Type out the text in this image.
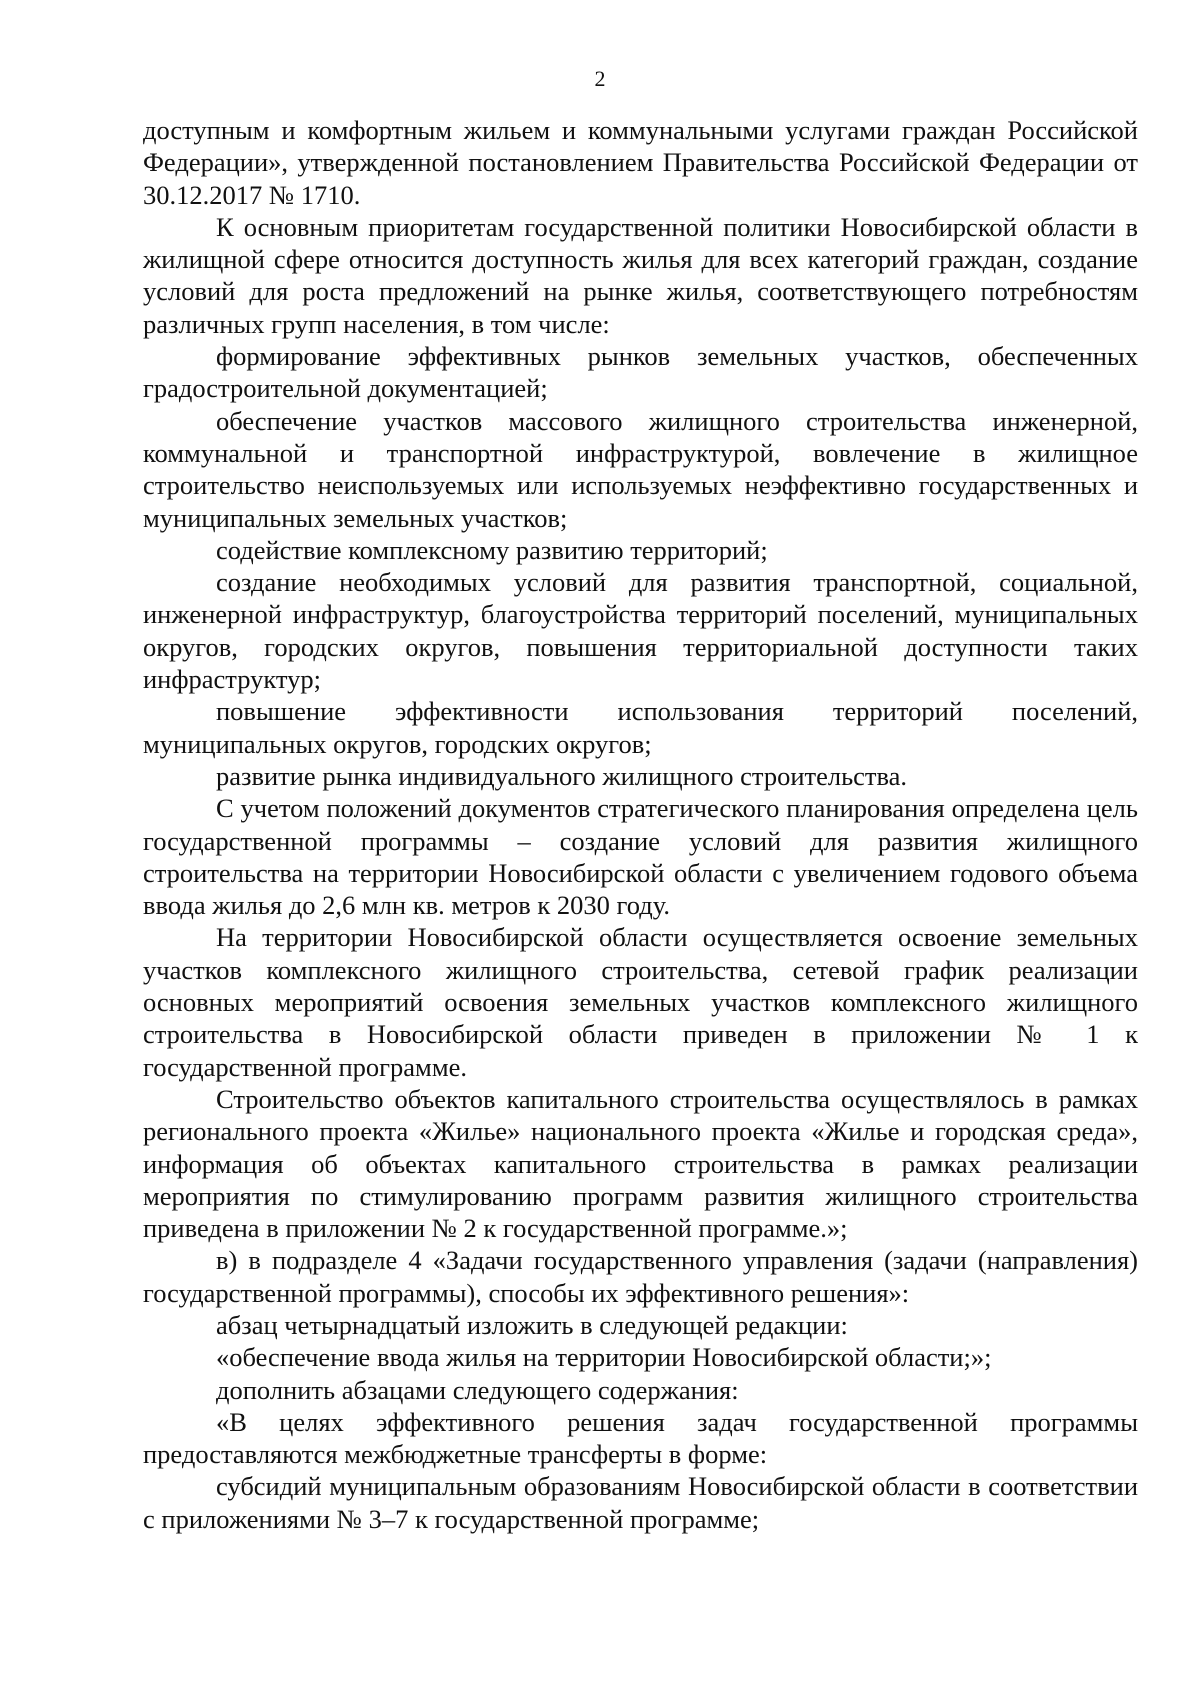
2

доступным и комфортным жильем и коммунальными услугами граждан Российской Федерации», утвержденной постановлением Правительства Российской Федерации от 30.12.2017 № 1710.

К основным приоритетам государственной политики Новосибирской области в жилищной сфере относится доступность жилья для всех категорий граждан, создание условий для роста предложений на рынке жилья, соответствующего потребностям различных групп населения, в том числе:

формирование эффективных рынков земельных участков, обеспеченных градостроительной документацией;

обеспечение участков массового жилищного строительства инженерной, коммунальной и транспортной инфраструктурой, вовлечение в жилищное строительство неиспользуемых или используемых неэффективно государственных и муниципальных земельных участков;

содействие комплексному развитию территорий;

создание необходимых условий для развития транспортной, социальной, инженерной инфраструктур, благоустройства территорий поселений, муниципальных округов, городских округов, повышения территориальной доступности таких инфраструктур;

повышение эффективности использования территорий поселений, муниципальных округов, городских округов;

развитие рынка индивидуального жилищного строительства.

С учетом положений документов стратегического планирования определена цель государственной программы – создание условий для развития жилищного строительства на территории Новосибирской области с увеличением годового объема ввода жилья до 2,6 млн кв. метров к 2030 году.

На территории Новосибирской области осуществляется освоение земельных участков комплексного жилищного строительства, сетевой график реализации основных мероприятий освоения земельных участков комплексного жилищного строительства в Новосибирской области приведен в приложении № 1 к государственной программе.

Строительство объектов капитального строительства осуществлялось в рамках регионального проекта «Жилье» национального проекта «Жилье и городская среда», информация об объектах капитального строительства в рамках реализации мероприятия по стимулированию программ развития жилищного строительства приведена в приложении № 2 к государственной программе.»;

в) в подразделе 4 «Задачи государственного управления (задачи (направления) государственной программы), способы их эффективного решения»:

абзац четырнадцатый изложить в следующей редакции:

«обеспечение ввода жилья на территории Новосибирской области;»;

дополнить абзацами следующего содержания:

«В целях эффективного решения задач государственной программы предоставляются межбюджетные трансферты в форме:

субсидий муниципальным образованиям Новосибирской области в соответствии с приложениями № 3–7 к государственной программе;
